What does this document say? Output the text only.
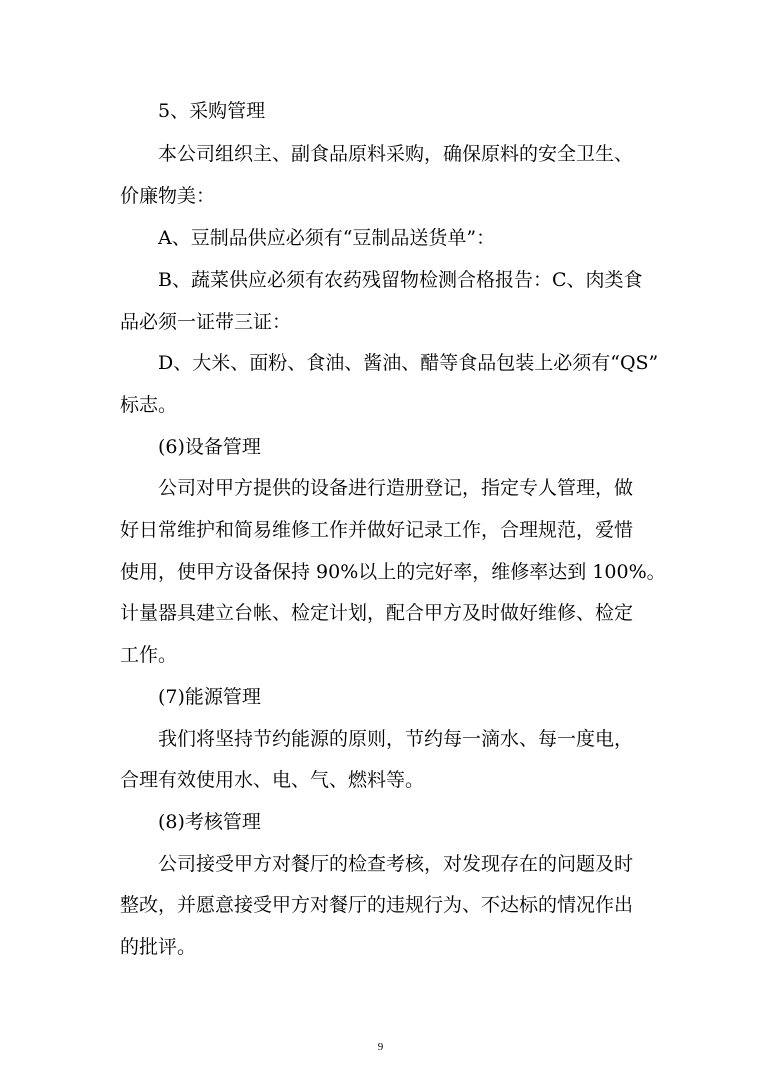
5、采购管理
本公司组织主、副食品原料采购，确保原料的安全卫生、
价廉物美：
A、豆制品供应必须有“豆制品送货单”：
B、蔬菜供应必须有农药残留物检测合格报告：C、肉类食
品必须一证带三证：
D、大米、面粉、食油、酱油、醋等食品包装上必须有“QS”
标志。
(6)设备管理
公司对甲方提供的设备进行造册登记，指定专人管理，做
好日常维护和简易维修工作并做好记录工作，合理规范，爱惜
使用，使甲方设备保持 90%以上的完好率，维修率达到 100%。
计量器具建立台帐、检定计划，配合甲方及时做好维修、检定
工作。
(7)能源管理
我们将坚持节约能源的原则，节约每一滴水、每一度电，
合理有效使用水、电、气、燃料等。
(8)考核管理
公司接受甲方对餐厅的检查考核，对发现存在的问题及时
整改，并愿意接受甲方对餐厅的违规行为、不达标的情况作出
的批评。
9
